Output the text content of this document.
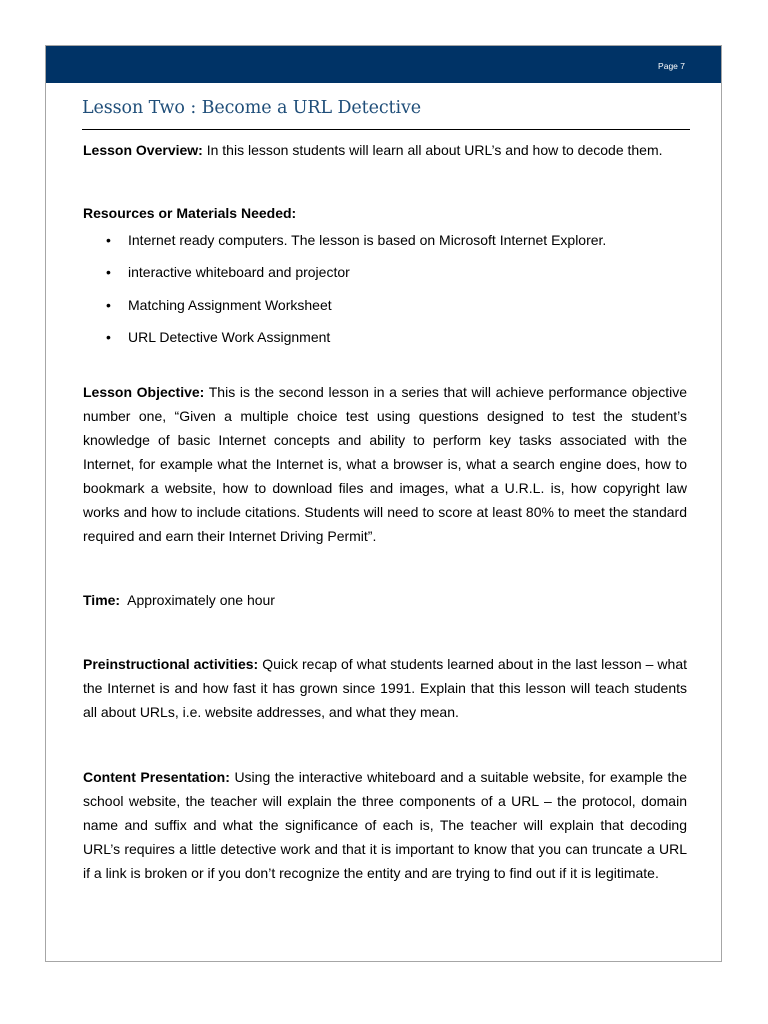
Page 7
Lesson Two : Become a URL Detective

Lesson Overview: In this lesson students will learn all about URL’s and how to decode them.

Resources or Materials Needed:

• Internet ready computers. The lesson is based on Microsoft Internet Explorer.
• interactive whiteboard and projector
• Matching Assignment Worksheet
• URL Detective Work Assignment

Lesson Objective: This is the second lesson in a series that will achieve performance objective number one, “Given a multiple choice test using questions designed to test the student’s knowledge of basic Internet concepts and ability to perform key tasks associated with the Internet, for example what the Internet is, what a browser is, what a search engine does, how to bookmark a website, how to download files and images, what a U.R.L. is, how copyright law works and how to include citations. Students will need to score at least 80% to meet the standard required and earn their Internet Driving Permit”.

Time:  Approximately one hour

Preinstructional activities: Quick recap of what students learned about in the last lesson – what the Internet is and how fast it has grown since 1991. Explain that this lesson will teach students all about URLs, i.e. website addresses, and what they mean.

Content Presentation: Using the interactive whiteboard and a suitable website, for example the school website, the teacher will explain the three components of a URL – the protocol, domain name and suffix and what the significance of each is, The teacher will explain that decoding URL’s requires a little detective work and that it is important to know that you can truncate a URL if a link is broken or if you don’t recognize the entity and are trying to find out if it is legitimate.
